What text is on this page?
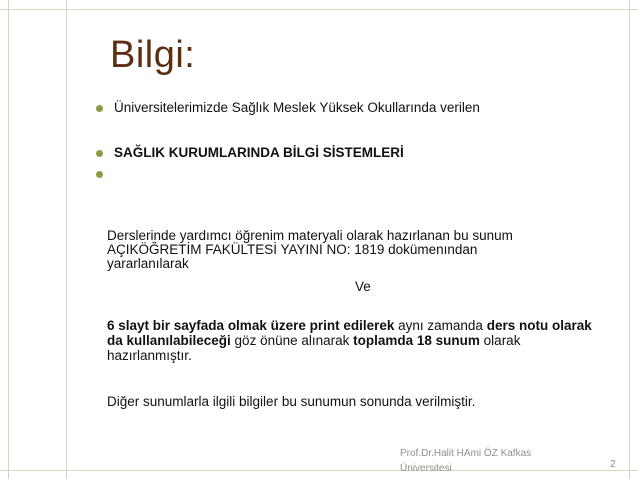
Bilgi:
Üniversitelerimizde Sağlık Meslek Yüksek Okullarında verilen
SAĞLIK KURUMLARINDA BİLGİ SİSTEMLERİ

Derslerinde yardımcı öğrenim materyali olarak hazırlanan bu sunum

AÇIKÖĞRETİM FAKÜLTESİ YAYINI NO: 1819 dokümenından

yararlanılarak

Ve
6 slayt bir sayfada olmak üzere print edilerek aynı zamanda ders notu olarak da kullanılabileceği göz önüne alınarak toplamda 18 sunum olarak hazırlanmıştır.
Diğer sunumlarla ilgili bilgiler bu sunumun sonunda verilmiştir.
Prof.Dr.Halit HAmi ÖZ Kafkas
Üniversitesi	2
